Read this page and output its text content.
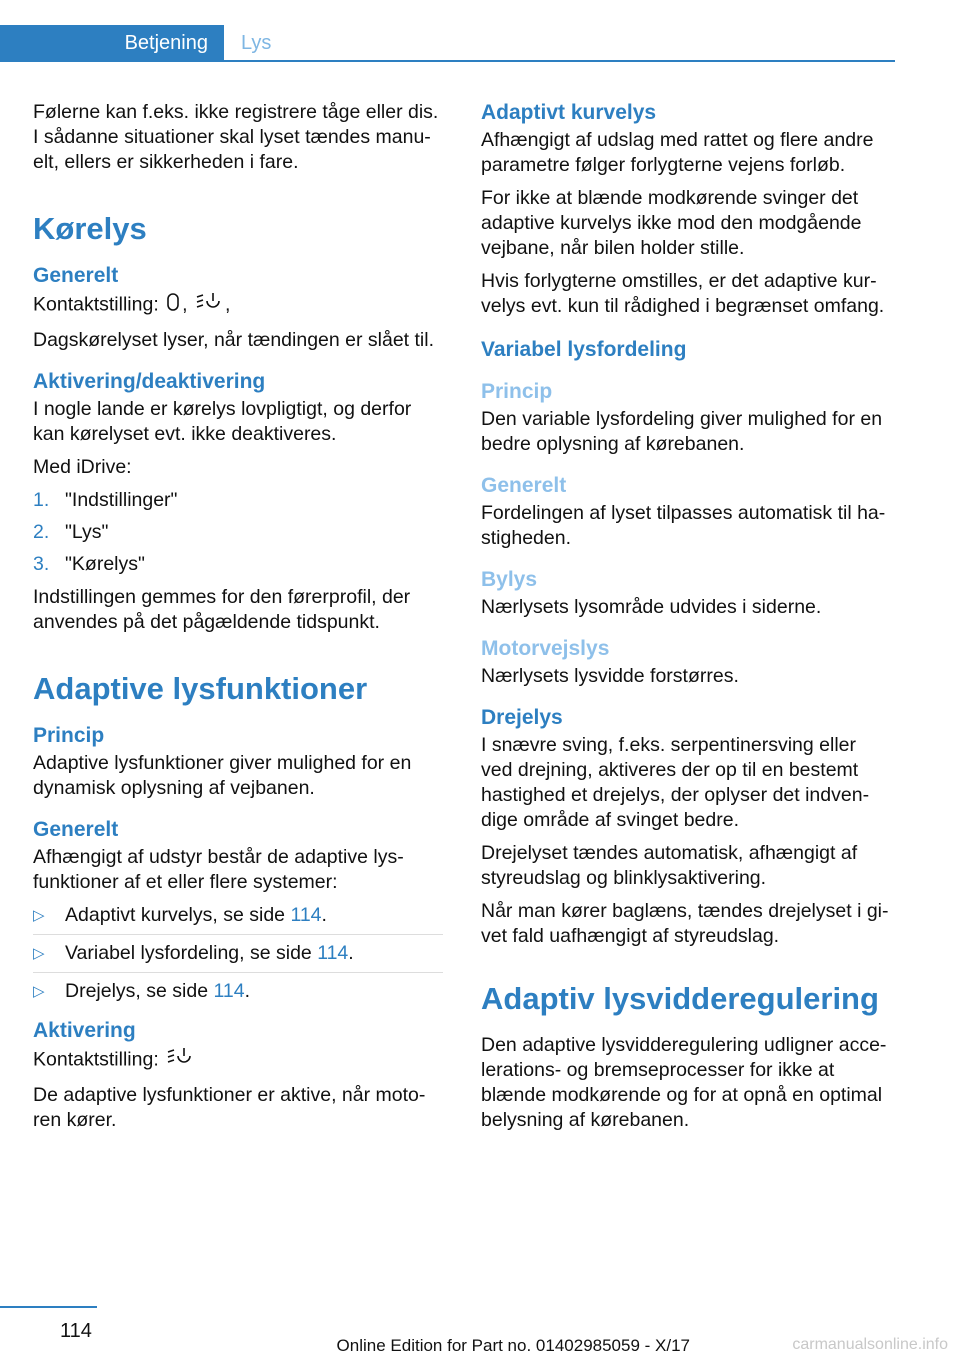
Betjening	Lys

Følerne kan f.eks. ikke registrere tåge eller dis. I sådanne situationer skal lyset tændes manu-elt, ellers er sikkerheden i fare.

Kørelys
Generelt

Kontaktstilling: , ,

Dagskørelyset lyser, når tændingen er slået til.

Aktivering/deaktivering

I nogle lande er kørelys lovpligtigt, og derfor kan kørelyset evt. ikke deaktiveres.

Med iDrive:

1. "Indstillinger"
2. "Lys"
3. "Kørelys"

Indstillingen gemmes for den førerprofil, der anvendes på det pågældende tidspunkt.

Adaptive lysfunktioner
Princip

Adaptive lysfunktioner giver mulighed for en dynamisk oplysning af vejbanen.

Generelt

Afhængigt af udstyr består de adaptive lys-funktioner af et eller flere systemer:

▷ Adaptivt kurvelys, se side 114.
▷ Variabel lysfordeling, se side 114.
▷ Drejelys, se side 114.
Aktivering

Kontaktstilling:

De adaptive lysfunktioner er aktive, når moto-ren kører.

Adaptivt kurvelys

Afhængigt af udslag med rattet og flere andre parametre følger forlygterne vejens forløb.

For ikke at blænde modkørende svinger det adaptive kurvelys ikke mod den modgående vejbane, når bilen holder stille.

Hvis forlygterne omstilles, er det adaptive kur-velys evt. kun til rådighed i begrænset omfang.

Variabel lysfordeling
Princip

Den variable lysfordeling giver mulighed for en bedre oplysning af kørebanen.

Generelt

Fordelingen af lyset tilpasses automatisk til ha-stigheden.

Bylys

Nærlysets lysområde udvides i siderne.

Motorvejslys

Nærlysets lysvidde forstørres.

Drejelys

I snævre sving, f.eks. serpentinersving eller ved drejning, aktiveres der op til en bestemt hastighed et drejelys, der oplyser det indven-dige område af svinget bedre.

Drejelyset tændes automatisk, afhængigt af styreudslag og blinklysaktivering.

Når man kører baglæns, tændes drejelyset i gi-vet fald uafhængigt af styreudslag.

Adaptiv lysvidderegulering

Den adaptive lysvidderegulering udligner acce-lerations- og bremseprocesser for ikke at blænde modkørende og for at opnå en optimal belysning af kørebanen.

114
Online Edition for Part no. 01402985059 - X/17	carmanualsonline.info
